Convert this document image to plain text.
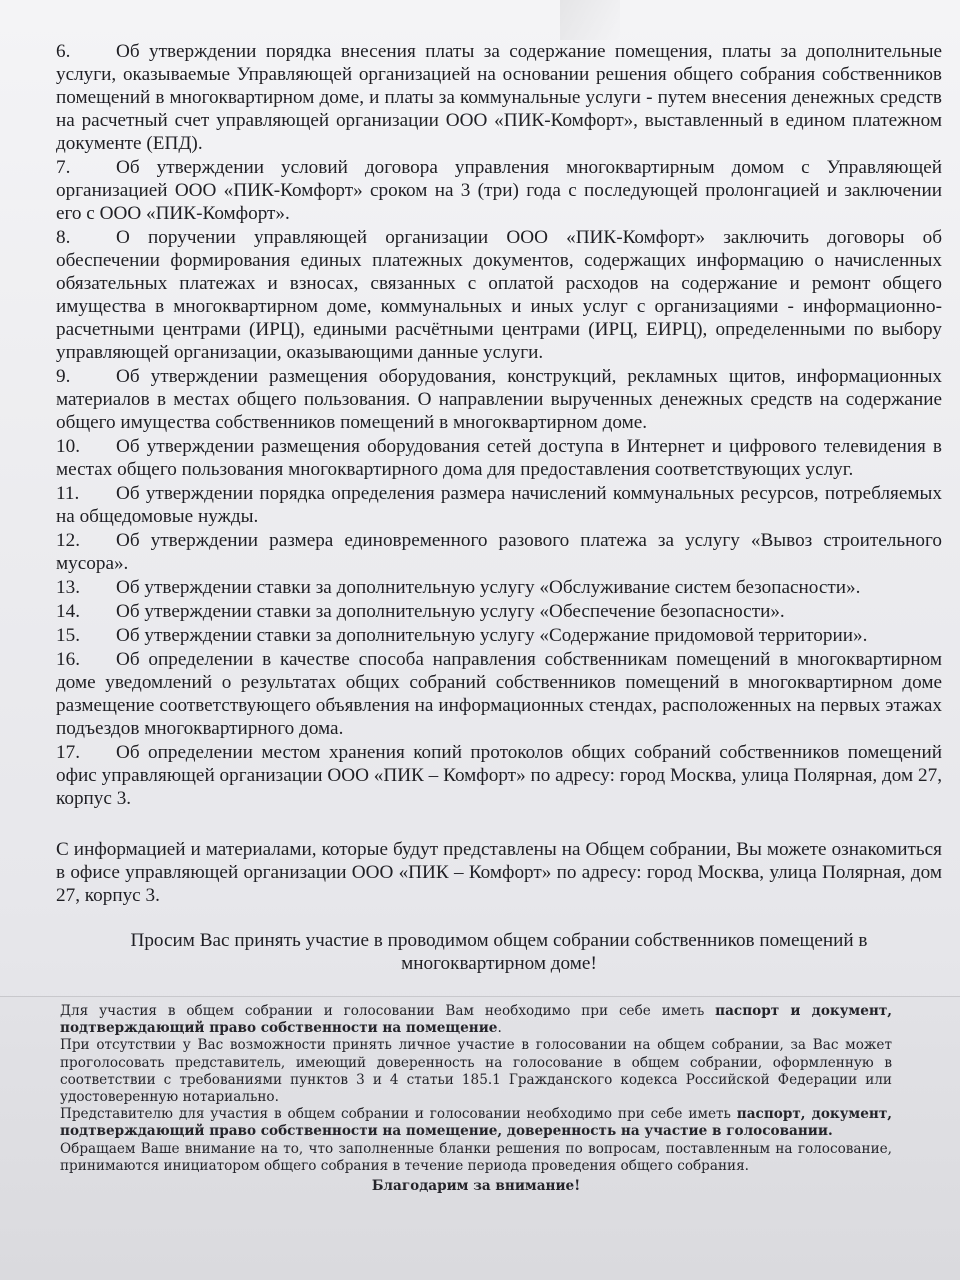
6. Об утверждении порядка внесения платы за содержание помещения, платы за дополнительные услуги, оказываемые Управляющей организацией на основании решения общего собрания собственников помещений в многоквартирном доме, и платы за коммунальные услуги - путем внесения денежных средств на расчетный счет управляющей организации ООО «ПИК-Комфорт», выставленный в едином платежном документе (ЕПД).

7. Об утверждении условий договора управления многоквартирным домом с Управляющей организацией ООО «ПИК-Комфорт» сроком на 3 (три) года с последующей пролонгацией и заключении его с ООО «ПИК-Комфорт».

8. О поручении управляющей организации ООО «ПИК-Комфорт» заключить договоры об обеспечении формирования единых платежных документов, содержащих информацию о начисленных обязательных платежах и взносах, связанных с оплатой расходов на содержание и ремонт общего имущества в многоквартирном доме, коммунальных и иных услуг с организациями - информационно-расчетными центрами (ИРЦ), едиными расчётными центрами (ИРЦ, ЕИРЦ), определенными по выбору управляющей организации, оказывающими данные услуги.

9. Об утверждении размещения оборудования, конструкций, рекламных щитов, информационных материалов в местах общего пользования. О направлении вырученных денежных средств на содержание общего имущества собственников помещений в многоквартирном доме.

10. Об утверждении размещения оборудования сетей доступа в Интернет и цифрового телевидения в местах общего пользования многоквартирного дома для предоставления соответствующих услуг.

11. Об утверждении порядка определения размера начислений коммунальных ресурсов, потребляемых на общедомовые нужды.

12. Об утверждении размера единовременного разового платежа за услугу «Вывоз строительного мусора».

13. Об утверждении ставки за дополнительную услугу «Обслуживание систем безопасности».

14. Об утверждении ставки за дополнительную услугу «Обеспечение безопасности».

15. Об утверждении ставки за дополнительную услугу «Содержание придомовой территории».

16. Об определении в качестве способа направления собственникам помещений в многоквартирном доме уведомлений о результатах общих собраний собственников помещений в многоквартирном доме размещение соответствующего объявления на информационных стендах, расположенных на первых этажах подъездов многоквартирного дома.

17. Об определении местом хранения копий протоколов общих собраний собственников помещений офис управляющей организации ООО «ПИК – Комфорт» по адресу: город Москва, улица Полярная, дом 27, корпус 3.

С информацией и материалами, которые будут представлены на Общем собрании, Вы можете ознакомиться в офисе управляющей организации ООО «ПИК – Комфорт» по адресу: город Москва, улица Полярная, дом 27, корпус 3.

Просим Вас принять участие в проводимом общем собрании собственников помещений в многоквартирном доме!

Для участия в общем собрании и голосовании Вам необходимо при себе иметь паспорт и документ, подтверждающий право собственности на помещение.

При отсутствии у Вас возможности принять личное участие в голосовании на общем собрании, за Вас может проголосовать представитель, имеющий доверенность на голосование в общем собрании, оформленную в соответствии с требованиями пунктов 3 и 4 статьи 185.1 Гражданского кодекса Российской Федерации или удостоверенную нотариально.

Представителю для участия в общем собрании и голосовании необходимо при себе иметь паспорт, документ, подтверждающий право собственности на помещение, доверенность на участие в голосовании.

Обращаем Ваше внимание на то, что заполненные бланки решения по вопросам, поставленным на голосование, принимаются инициатором общего собрания в течение периода проведения общего собрания.

Благодарим за внимание!
